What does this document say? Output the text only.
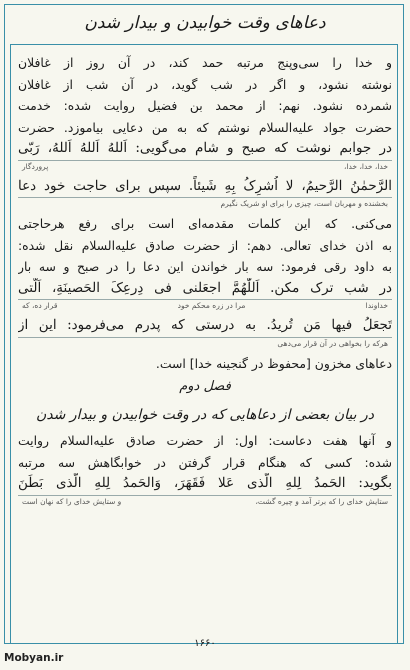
دعاهای وقت خوابیدن و بیدار شدن
و خدا را سی‌وپنج مرتبه حمد کند، در آن روز از غافلان
نوشته نشود، و اگر در شب گوید، در آن شب از غافلان
شمرده نشود. نهم: از محمد بن فضیل روایت شده: خدمت
حضرت جواد علیه‌السلام نوشتم که به من دعایی بیاموزد. حضرت
در جوابم نوشت که صبح و شام می‌گویی: اَللهُ اَللهُ اَللهُ، رَبّی
خدا، خدا، خدا،
پروردگار
الرَّحمٰنُ الرَّحیمُ، لا اُشرِکُ بِهِ شَیئاً. سپس برای حاجت خود دعا
بخشنده و مهربان است، چیزی را برای او شریک نگیرم
می‌کنی. که این کلمات مقدمه‌ای است برای رفع هرحاجتی
به اذن خدای تعالی. دهم: از حضرت صادق علیه‌السلام نقل شده:
به داود رقی فرمود: سه بار خواندن این دعا را در صبح و سه بار
در شب ترک مکن. اَللّٰهُمَّ اجعَلنی فی دِرعِکَ الحَصینَةِ، اَلَّتی
خداوندا
مرا در زره محکم خود
قرار ده، که
تَجعَلُ فیها مَن تُریدُ. به درستی که پدرم می‌فرمود: این از
هرکه را بخواهی در آن قرار می‌دهی
دعاهای مخزون [محفوظ در گنجینه خدا] است.
فصل دوم
در بیان بعضی از دعاهایی که در وقت خوابیدن و بیدار شدن
و آنها هفت دعاست: اول: از حضرت صادق علیه‌السلام روایت
شده: کسی که هنگام قرار گرفتن در خوابگاهش سه مرتبه
بگوید: الحَمدُ لِلهِ الَّذی عَلا فَقَهَرَ، وَالحَمدُ لِلهِ الَّذی بَطَنَ
ستایش خدای را که برتر آمد و چیره گشت،
و ستایش خدای را که نهان است
۱۶۶۰
Mobyan.ir
